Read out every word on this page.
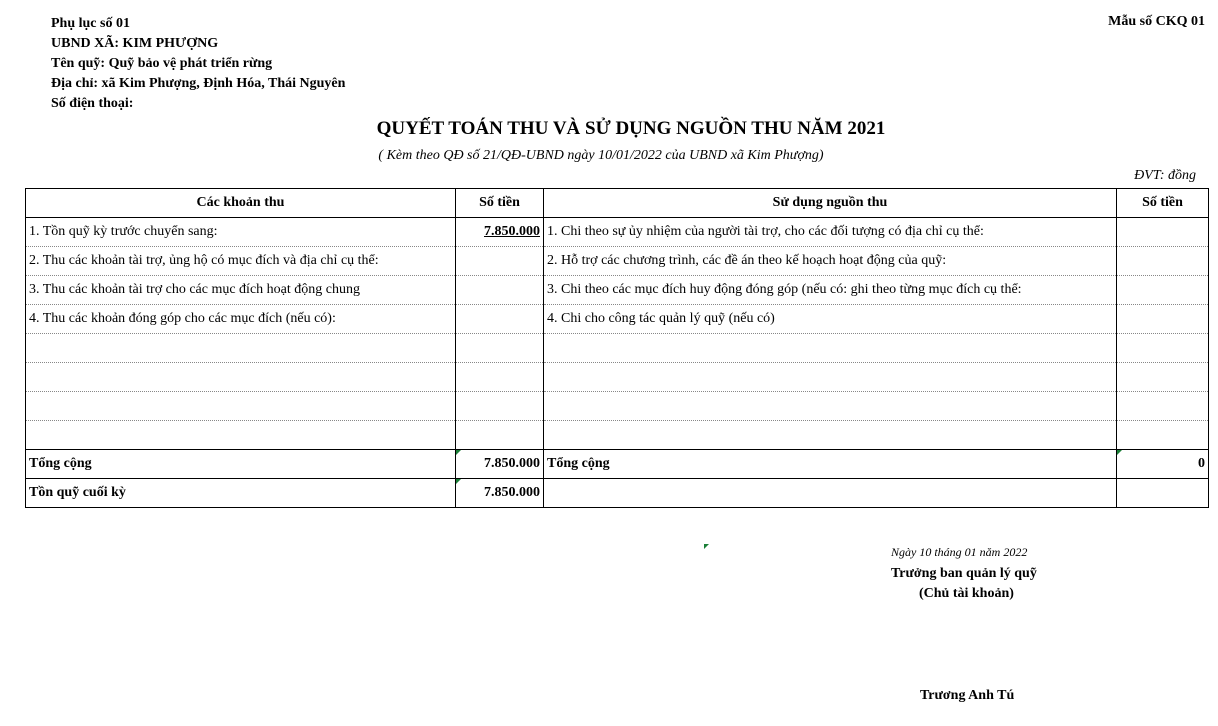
Phụ lục số 01
UBND XÃ: KIM PHƯỢNG
Tên quỹ: Quỹ bảo vệ phát triển rừng
Địa chỉ: xã Kim Phượng, Định Hóa, Thái Nguyên
Số điện thoại:
Mẫu số CKQ 01
QUYẾT TOÁN THU VÀ SỬ DỤNG NGUỒN THU NĂM 2021
( Kèm theo QĐ số 21/QĐ-UBND ngày 10/01/2022 của UBND xã Kim Phượng)
ĐVT: đồng
Các khoản thu	Số tiền	Sử dụng nguồn thu	Số tiền
1. Tồn quỹ kỳ trước chuyển sang:	7.850.000	1. Chi theo sự ủy nhiệm của người tài trợ, cho các đối tượng có địa chỉ cụ thể:	
2. Thu các khoản tài trợ, ủng hộ có mục đích và địa chỉ cụ thể:		2. Hỗ trợ các chương trình, các đề án theo kế hoạch hoạt động của quỹ:	
3. Thu các khoản tài trợ cho các mục đích hoạt động chung		3. Chi theo các mục đích huy động đóng góp (nếu có: ghi theo từng mục đích cụ thể:	
4. Thu các khoản đóng góp cho các mục đích (nếu có):		4. Chi cho công tác quản lý quỹ (nếu có)	

Tổng cộng	7.850.000	Tổng cộng	0
Tồn quỹ cuối kỳ	7.850.000		
Ngày 10 tháng 01 năm 2022
Trưởng ban quản lý quỹ
(Chủ tài khoản)
Trương Anh Tú
